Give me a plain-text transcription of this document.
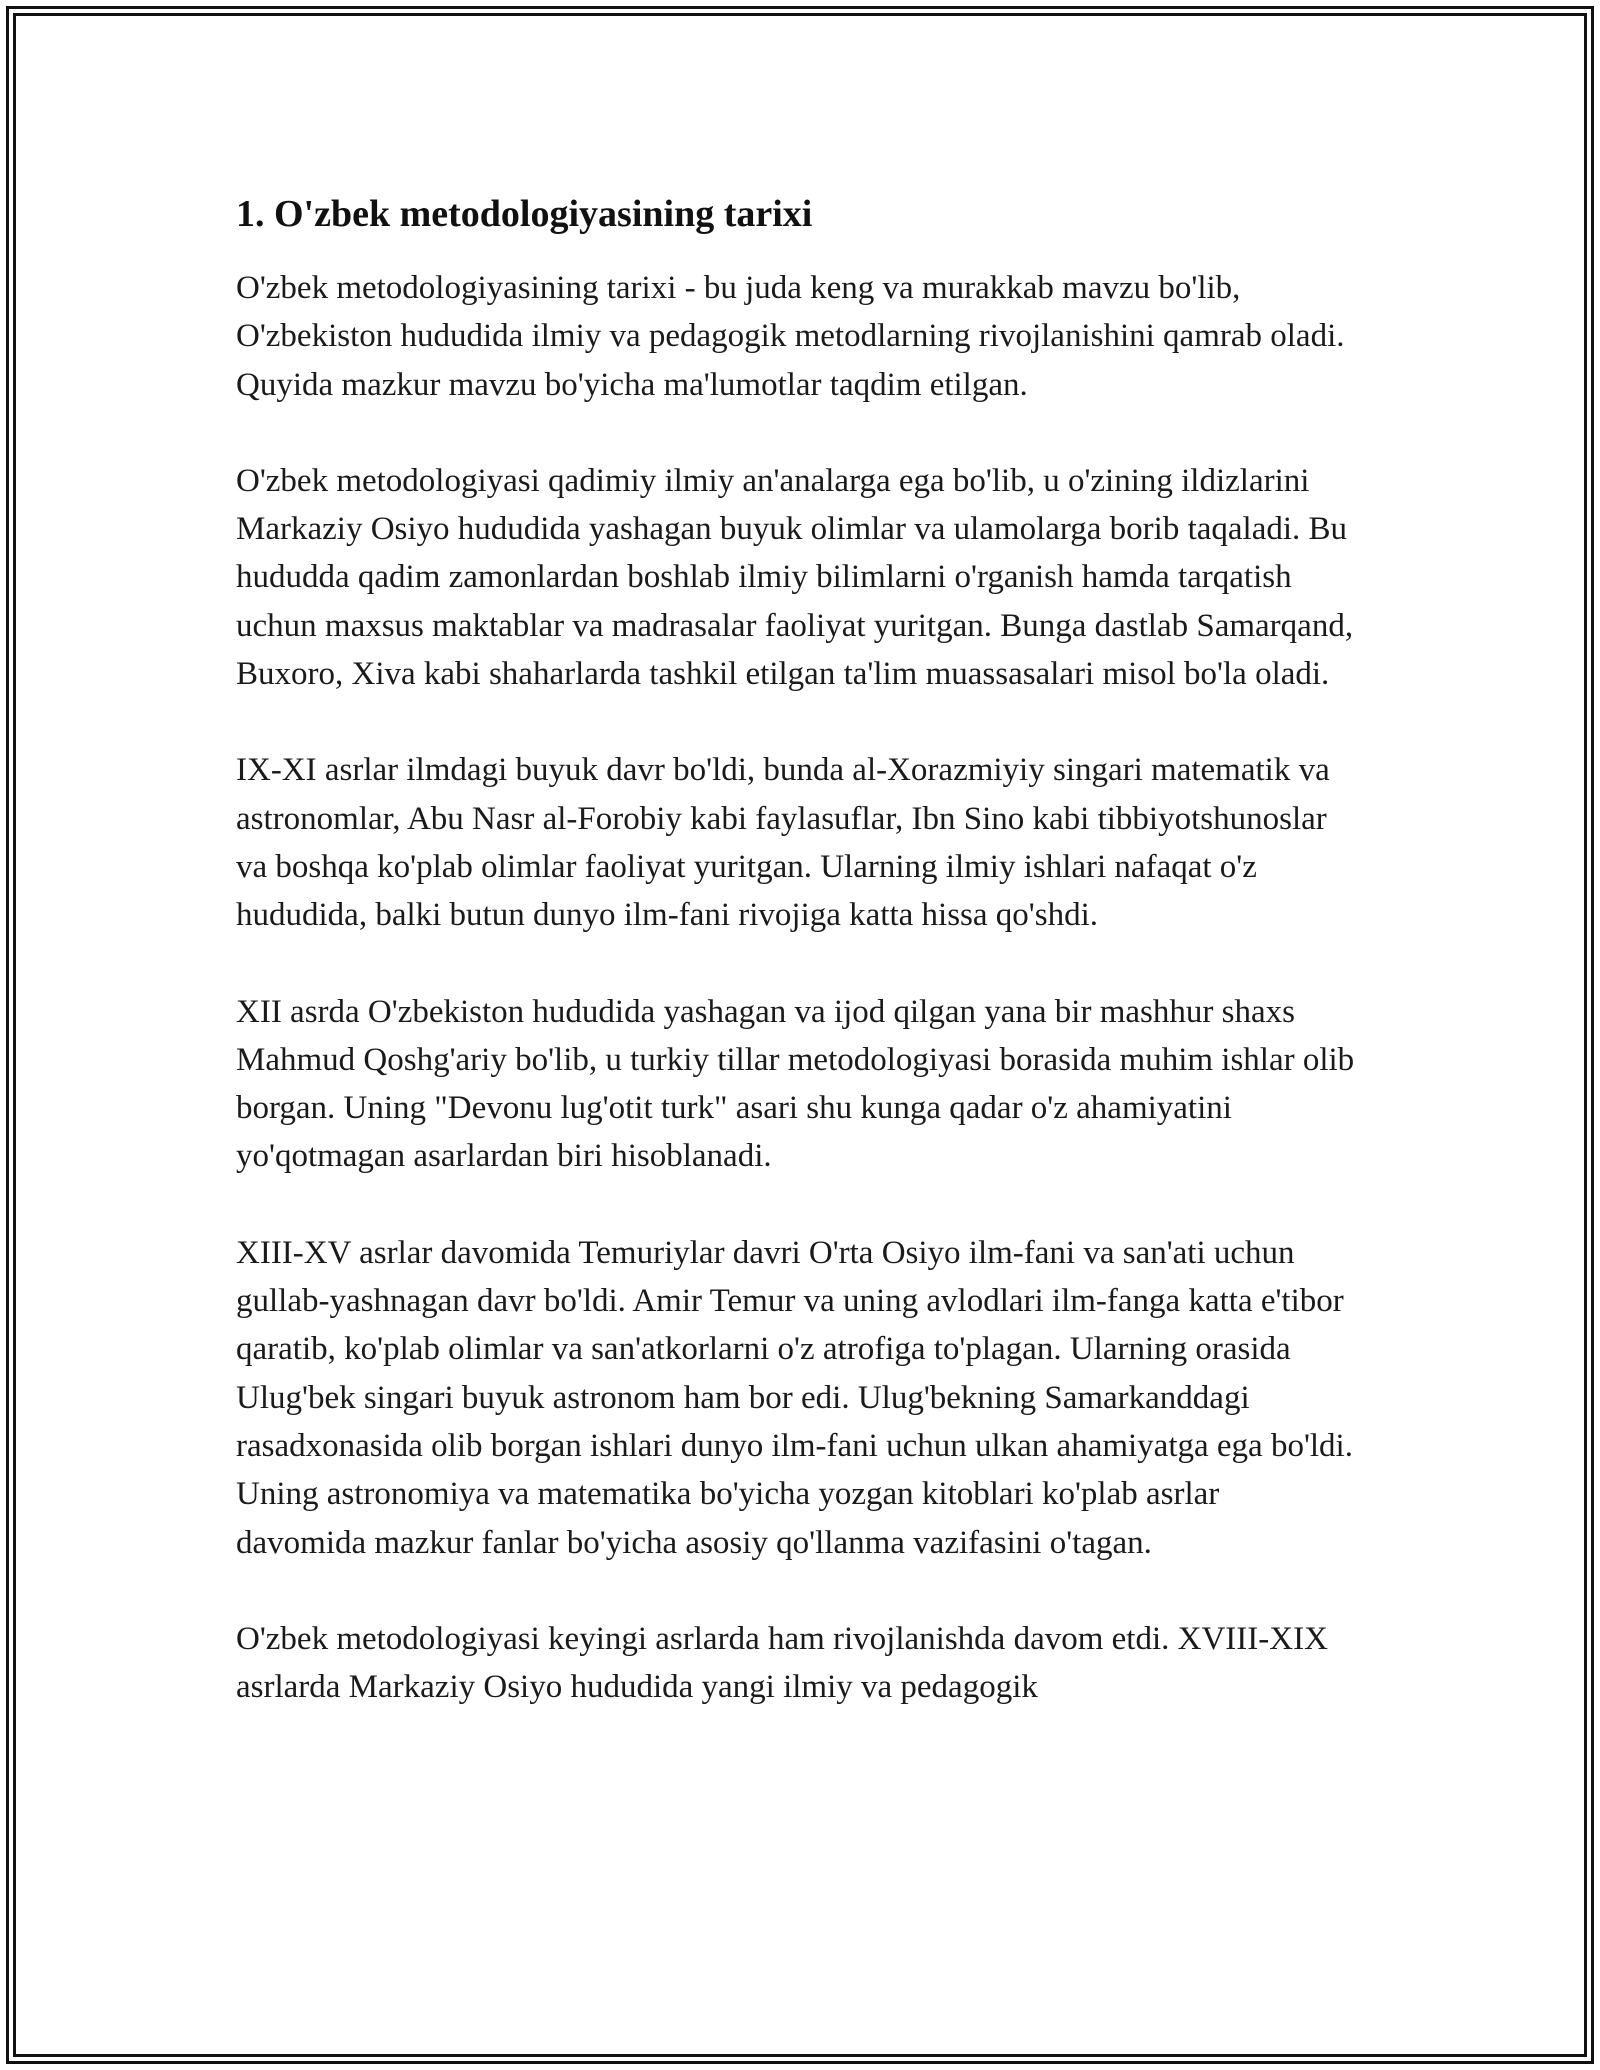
1. O'zbek metodologiyasining tarixi

O'zbek metodologiyasining tarixi - bu juda keng va murakkab mavzu bo'lib, O'zbekiston hududida ilmiy va pedagogik metodlarning rivojlanishini qamrab oladi. Quyida mazkur mavzu bo'yicha ma'lumotlar taqdim etilgan.

O'zbek metodologiyasi qadimiy ilmiy an'analarga ega bo'lib, u o'zining ildizlarini Markaziy Osiyo hududida yashagan buyuk olimlar va ulamolarga borib taqaladi. Bu hududda qadim zamonlardan boshlab ilmiy bilimlarni o'rganish hamda tarqatish uchun maxsus maktablar va madrasalar faoliyat yuritgan. Bunga dastlab Samarqand, Buxoro, Xiva kabi shaharlarda tashkil etilgan ta'lim muassasalari misol bo'la oladi.

IX-XI asrlar ilmdagi buyuk davr bo'ldi, bunda al-Xorazmiyiy singari matematik va astronomlar, Abu Nasr al-Forobiy kabi faylasuflar, Ibn Sino kabi tibbiyotshunoslar va boshqa ko'plab olimlar faoliyat yuritgan. Ularning ilmiy ishlari nafaqat o'z hududida, balki butun dunyo ilm-fani rivojiga katta hissa qo'shdi.

XII asrda O'zbekiston hududida yashagan va ijod qilgan yana bir mashhur shaxs Mahmud Qoshg'ariy bo'lib, u turkiy tillar metodologiyasi borasida muhim ishlar olib borgan. Uning "Devonu lug'otit turk" asari shu kunga qadar o'z ahamiyatini yo'qotmagan asarlardan biri hisoblanadi.

XIII-XV asrlar davomida Temuriylar davri O'rta Osiyo ilm-fani va san'ati uchun gullab-yashnagan davr bo'ldi. Amir Temur va uning avlodlari ilm-fanga katta e'tibor qaratib, ko'plab olimlar va san'atkorlarni o'z atrofiga to'plagan. Ularning orasida Ulug'bek singari buyuk astronom ham bor edi. Ulug'bekning Samarkanddagi rasadxonasida olib borgan ishlari dunyo ilm-fani uchun ulkan ahamiyatga ega bo'ldi. Uning astronomiya va matematika bo'yicha yozgan kitoblari ko'plab asrlar davomida mazkur fanlar bo'yicha asosiy qo'llanma vazifasini o'tagan.

O'zbek metodologiyasi keyingi asrlarda ham rivojlanishda davom etdi. XVIII-XIX asrlarda Markaziy Osiyo hududida yangi ilmiy va pedagogik
